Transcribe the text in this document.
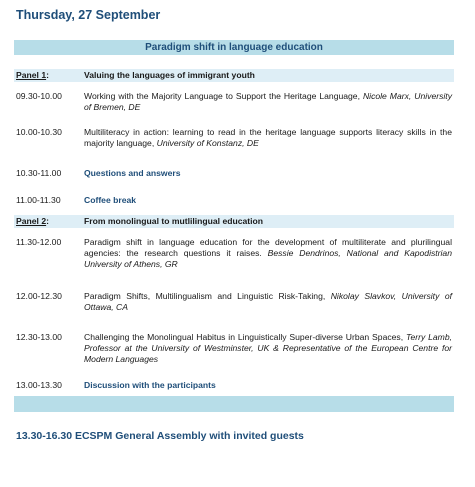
Thursday, 27 September
Paradigm shift in language education
Panel 1:	Valuing the languages of immigrant youth
09.30-10.00	Working with the Majority Language to Support the Heritage Language, Nicole Marx, University of Bremen, DE
10.00-10.30	Multiliteracy in action: learning to read in the heritage language supports literacy skills in the majority language, University of Konstanz, DE
10.30-11.00	Questions and answers
11.00-11.30	Coffee break
Panel 2:	From monolingual to mutlilingual education
11.30-12.00	Paradigm shift in language education for the development of multiliterate and plurilingual agencies: the research questions it raises. Bessie Dendrinos, National and Kapodistrian University of Athens, GR
12.00-12.30	Paradigm Shifts, Multilingualism and Linguistic Risk-Taking, Nikolay Slavkov, University of Ottawa, CA
12.30-13.00	Challenging the Monolingual Habitus in Linguistically Super-diverse Urban Spaces, Terry Lamb, Professor at the University of Westminster, UK & Representative of the European Centre for Modern Languages
13.00-13.30	Discussion with the participants
13.30-16.30 ECSPM General Assembly with invited guests
